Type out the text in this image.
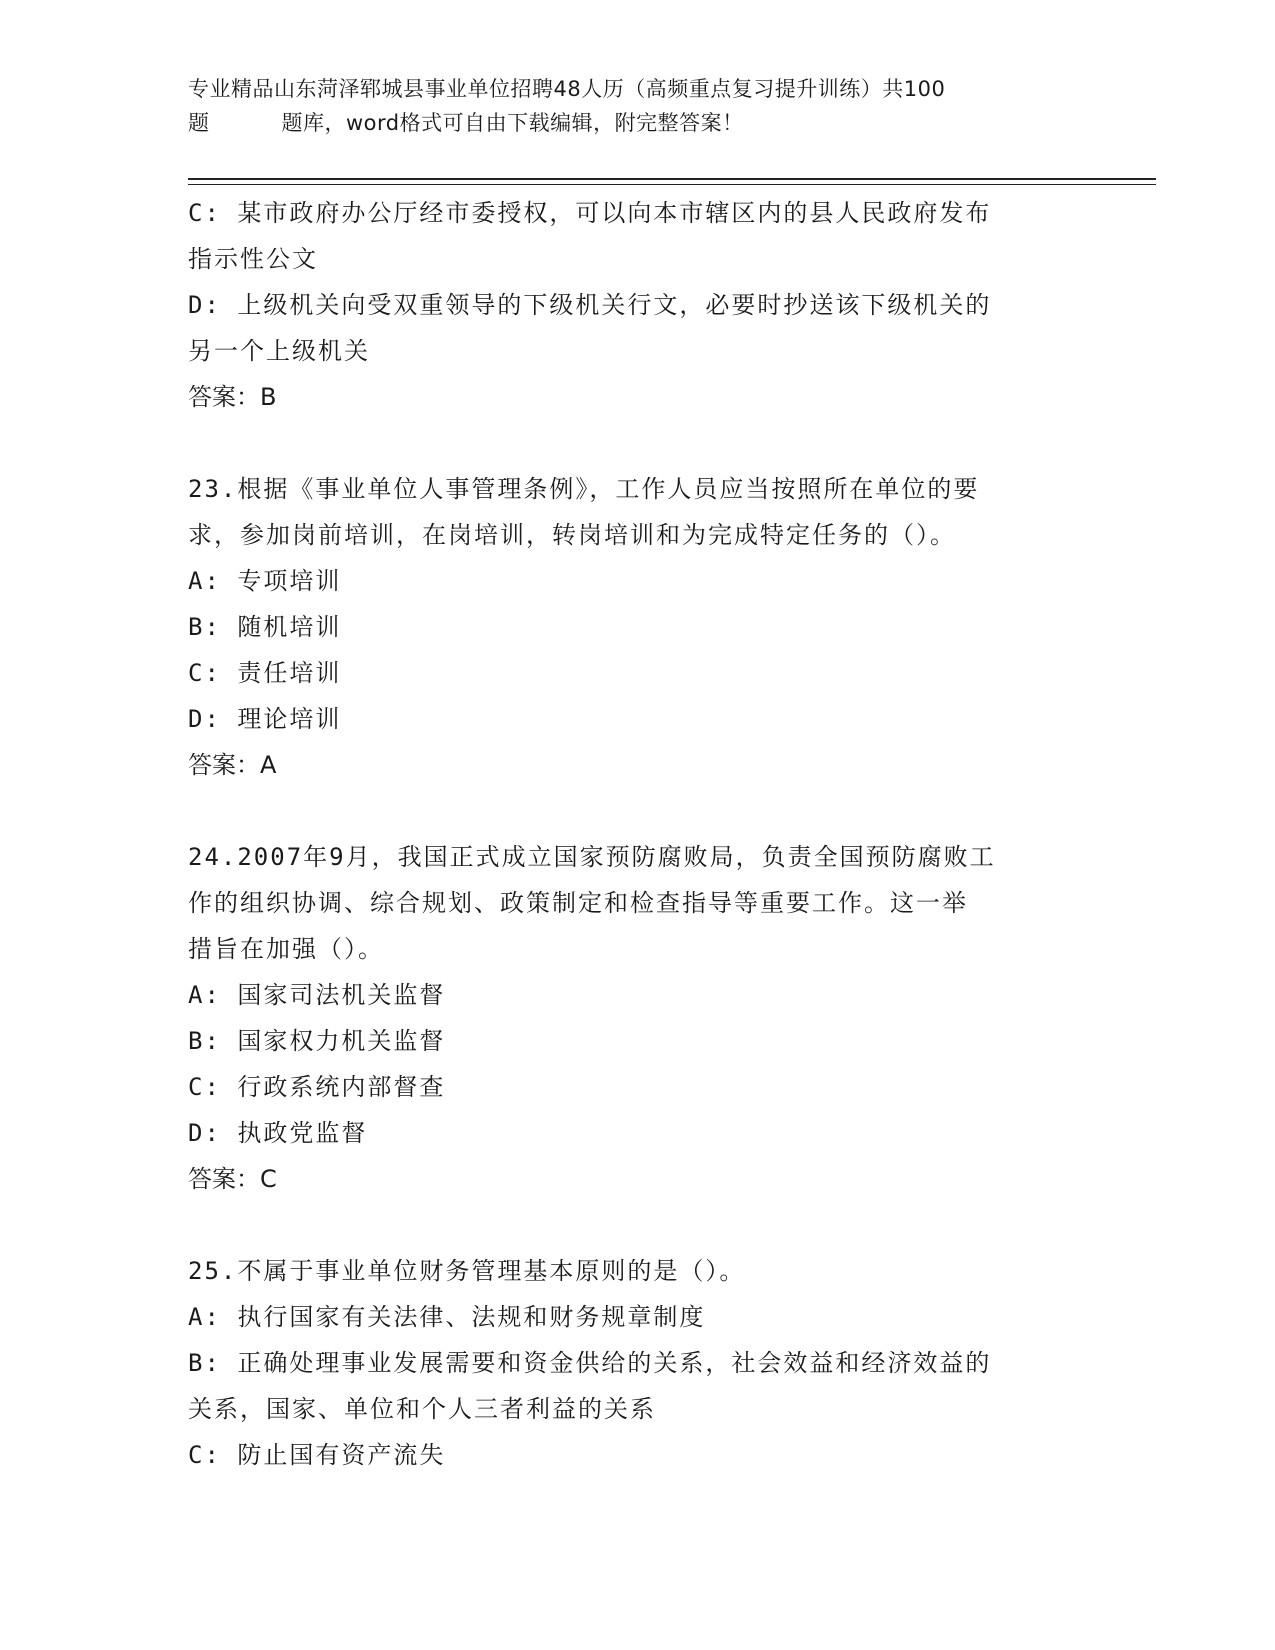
专业精品山东菏泽郓城县事业单位招聘48人历（高频重点复习提升训练）共100
题	题库，word格式可自由下载编辑，附完整答案！
C: 某市政府办公厅经市委授权，可以向本市辖区内的县人民政府发布
指示性公文
D: 上级机关向受双重领导的下级机关行文，必要时抄送该下级机关的
另一个上级机关
答案：B
23.根据《事业单位人事管理条例》，工作人员应当按照所在单位的要
求，参加岗前培训，在岗培训，转岗培训和为完成特定任务的（）。
A: 专项培训
B: 随机培训
C: 责任培训
D: 理论培训
答案：A
24.2007年9月，我国正式成立国家预防腐败局，负责全国预防腐败工
作的组织协调、综合规划、政策制定和检查指导等重要工作。这一举
措旨在加强（）。
A: 国家司法机关监督
B: 国家权力机关监督
C: 行政系统内部督查
D: 执政党监督
答案：C
25.不属于事业单位财务管理基本原则的是（）。
A: 执行国家有关法律、法规和财务规章制度
B: 正确处理事业发展需要和资金供给的关系，社会效益和经济效益的
关系，国家、单位和个人三者利益的关系
C: 防止国有资产流失
